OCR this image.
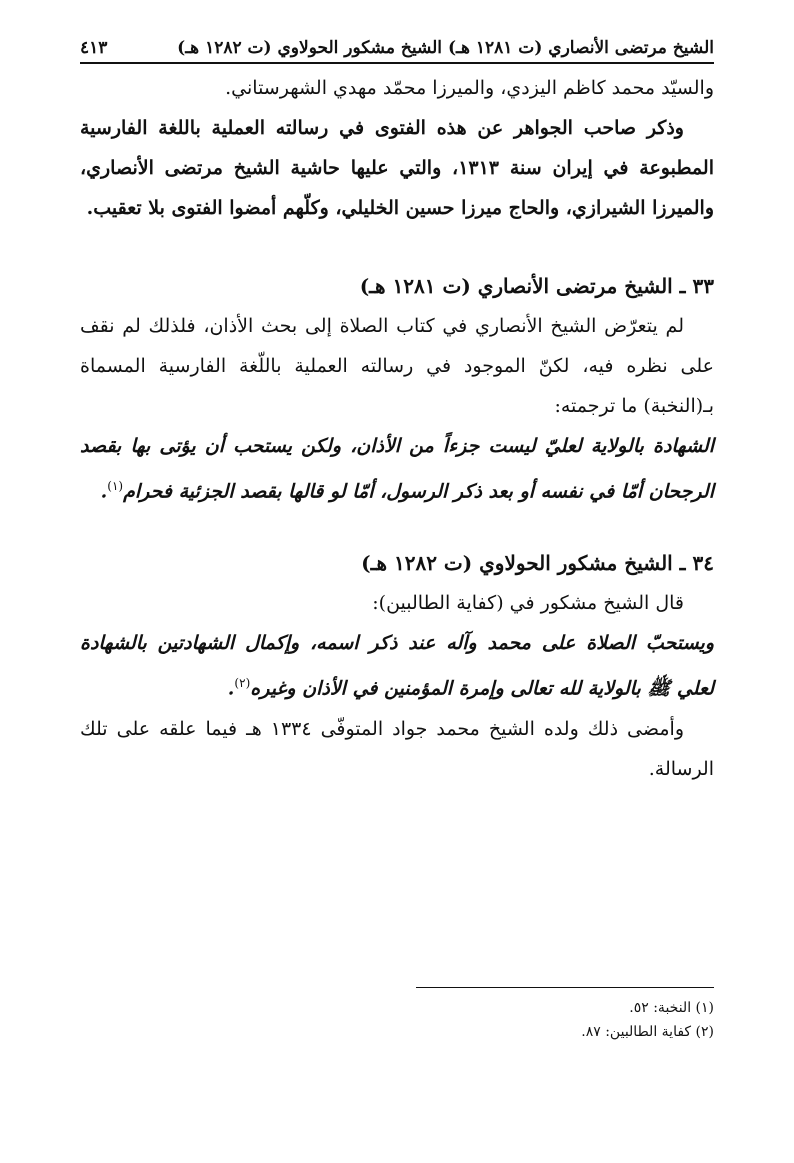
الشيخ مرتضى الأنصاري (ت ١٢٨١ هـ) الشيخ مشكور الحولاوي (ت ١٢٨٢ هـ)
٤١٣

والسيّد محمد كاظم اليزدي، والميرزا محمّد مهدي الشهرستاني.

وذكر صاحب الجواهر عن هذه الفتوى في رسالته العملية باللغة الفارسية المطبوعة في إيران سنة ١٣١٣، والتي عليها حاشية الشيخ مرتضى الأنصاري، والميرزا الشيرازي، والحاج ميرزا حسين الخليلي، وكلّهم أمضوا الفتوى بلا تعقيب.

٣٣ ـ الشيخ مرتضى الأنصاري (ت ١٢٨١ هـ)

لم يتعرّض الشيخ الأنصاري في كتاب الصلاة إلى بحث الأذان، فلذلك لم نقف على نظره فيه، لكنّ الموجود في رسالته العملية باللّغة الفارسية المسماة بـ(النخبة) ما ترجمته:

الشهادة بالولاية لعليّ ليست جزءاً من الأذان، ولكن يستحب أن يؤتى بها بقصد الرجحان أمّا في نفسه أو بعد ذكر الرسول، أمّا لو قالها بقصد الجزئية فحرام$^{(١)}$.

٣٤ ـ الشيخ مشكور الحولاوي (ت ١٢٨٢ هـ)

قال الشيخ مشكور في (كفاية الطالبين):

ويستحبّ الصلاة على محمد وآله عند ذكر اسمه، وإكمال الشهادتين بالشهادة لعلي ﷺ بالولاية لله تعالى وإمرة المؤمنين في الأذان وغيره$^{(٢)}$.

وأمضى ذلك ولده الشيخ محمد جواد المتوفّى ١٣٣٤ هـ فيما علقه على تلك الرسالة.

(١) النخبة: ٥٢.

(٢) كفاية الطالبين: ٨٧.
